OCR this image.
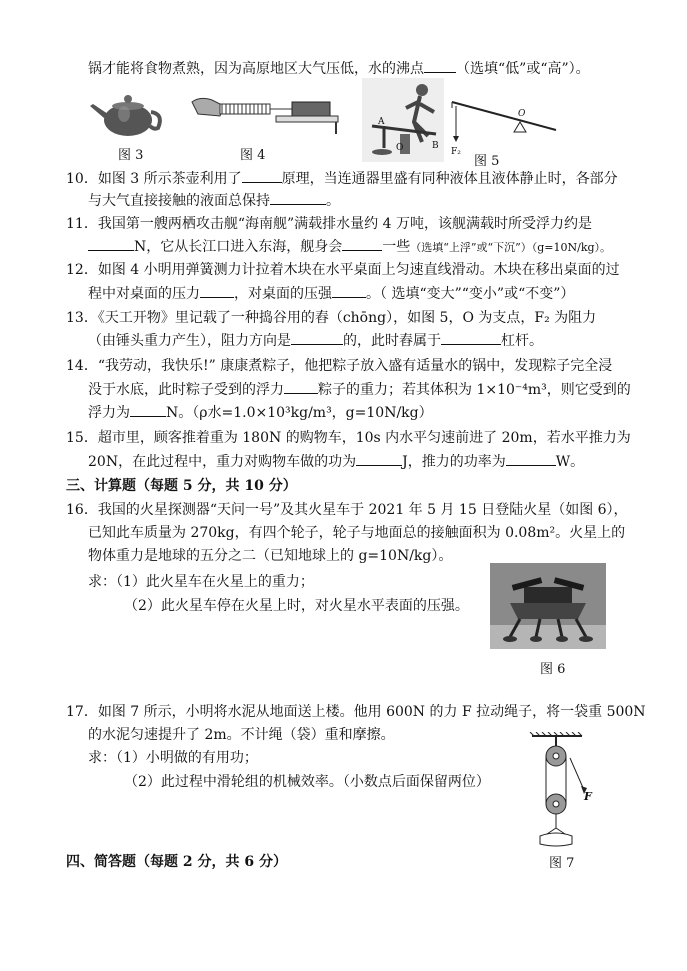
锅才能将食物煮熟，因为高原地区大气压低，水的沸点 （选填“低”或“高”）。
图 3	图 4
A
O	B
F₂
O
图 5
10．如图 3 所示茶壶利用了	原理，当连通器里盛有同种液体且液体静止时，各部分
与大气直接接触的液面总保持	。
11．我国第一艘两栖攻击舰“海南舰”满载排水量约 4 万吨，该舰满载时所受浮力约是
N，它从长江口进入东海，舰身会	一些（选填“上浮”或“下沉”）（g=10N/kg）。
12．如图 4 小明用弹簧测力计拉着木块在水平桌面上匀速直线滑动。木块在移出桌面的过
程中对桌面的压力 ，对桌面的压强 。（ 选填“变大”“变小”或“不变”）
13．《天工开物》里记载了一种捣谷用的舂（chōng），如图 5，O 为支点，F₂ 为阻力
（由锤头重力产生），阻力方向是	的，此时舂属于	杠杆。
14．“我劳动，我快乐!” 康康煮粽子，他把粽子放入盛有适量水的锅中，发现粽子完全浸
没于水底，此时粽子受到的浮力 粽子的重力；若其体积为 1×10⁻⁴m³，则它受到的
浮力为	N。（ρ水=1.0×10³kg/m³，g=10N/kg）
15．超市里，顾客推着重为 180N 的购物车，10s 内水平匀速前进了 20m，若水平推力为
20N，在此过程中，重力对购物车做的功为	J，推力的功率为	W。
三、计算题（每题 5 分，共 10 分）
16．我国的火星探测器“天问一号”及其火星车于 2021 年 5 月 15 日登陆火星（如图 6），
已知此车质量为 270kg，有四个轮子，轮子与地面总的接触面积为 0.08m²。火星上的
物体重力是地球的五分之二（已知地球上的 g=10N/kg）。
求：（1）此火星车在火星上的重力；
（2）此火星车停在火星上时，对火星水平表面的压强。
图 6
17．如图 7 所示，小明将水泥从地面送上楼。他用 600N 的力 F 拉动绳子，将一袋重 500N
的水泥匀速提升了 2m。不计绳（袋）重和摩擦。
求：（1）小明做的有用功；
（2）此过程中滑轮组的机械效率。（小数点后面保留两位）
F
图 7
四、简答题（每题 2 分，共 6 分）
